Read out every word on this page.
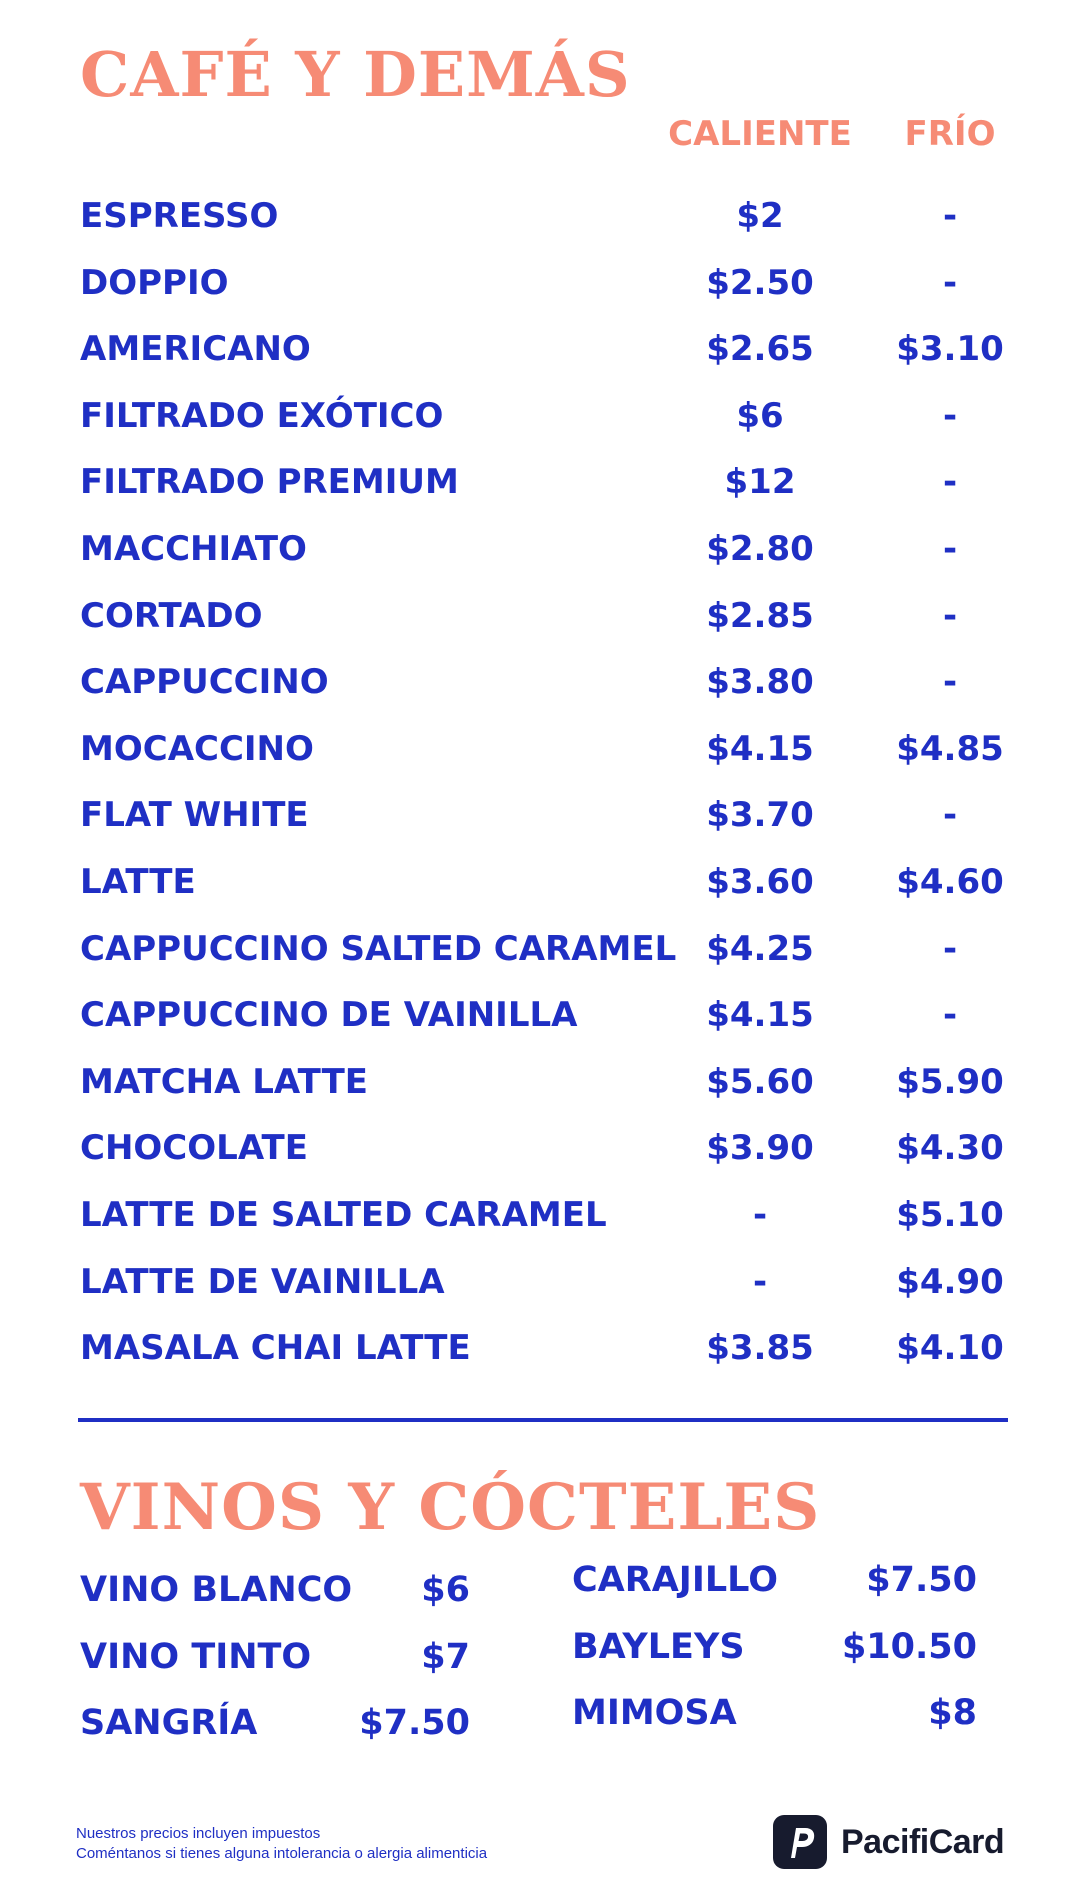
CAFÉ Y DEMÁS
CALIENTE FRÍO
ESPRESSO	$2	-
DOPPIO	$2.50	-
AMERICANO	$2.65	$3.10
FILTRADO EXÓTICO	$6	-
FILTRADO PREMIUM	$12	-
MACCHIATO	$2.80	-
CORTADO	$2.85	-
CAPPUCCINO	$3.80	-
MOCACCINO	$4.15	$4.85
FLAT WHITE	$3.70	-
LATTE	$3.60	$4.60
CAPPUCCINO SALTED CARAMEL $4.25	-
CAPPUCCINO DE VAINILLA	$4.15	-
MATCHA LATTE	$5.60	$5.90
CHOCOLATE	$3.90	$4.30
LATTE DE SALTED CARAMEL	-	$5.10
LATTE DE VAINILLA	-	$4.90
MASALA CHAI LATTE	$3.85	$4.10
VINOS Y CÓCTELES
VINO BLANCO $6
VINO TINTO	$7
SANGRÍA	$7.50
CARAJILLO	$7.50
BAYLEYS	$10.50
MIMOSA	$8
Nuestros precios incluyen impuestos
Coméntanos si tienes alguna intolerancia o alergia alimenticia	PacifiCard
